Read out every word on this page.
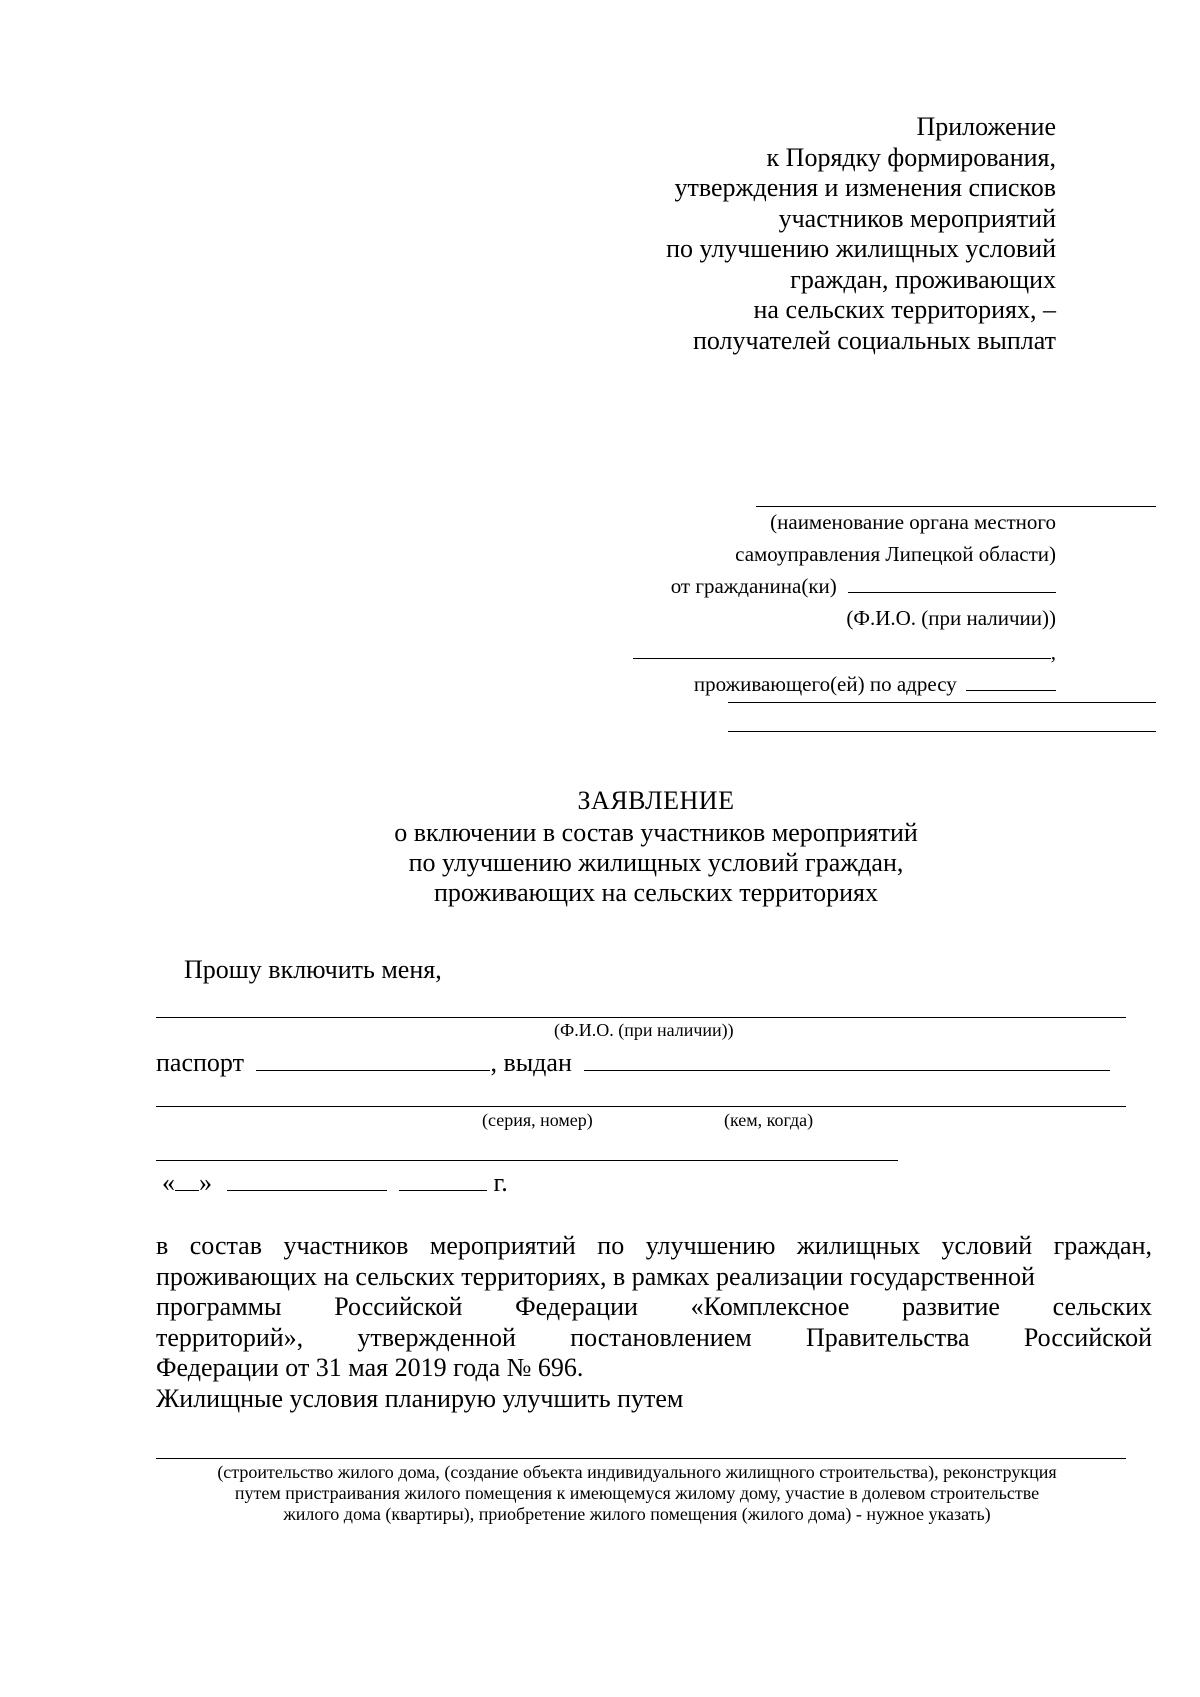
Приложение
к Порядку формирования,
утверждения и изменения списков
участников мероприятий
по улучшению жилищных условий
граждан, проживающих
на сельских территориях, –
получателей социальных выплат
(наименование органа местного
самоуправления Липецкой области)
от гражданина(ки)
(Ф.И.О. (при наличии))
,
проживающего(ей) по адресу
ЗАЯВЛЕНИЕ
о включении в состав участников мероприятий
по улучшению жилищных условий граждан,
проживающих на сельских территориях
Прошу включить меня,
(Ф.И.О. (при наличии))
паспорт	, выдан
(серия, номер)	(кем, когда)
« »	г.
в состав участников мероприятий по улучшению жилищных условий граждан,
проживающих на сельских территориях, в рамках реализации государственной
программы Российской Федерации «Комплексное развитие сельских
территорий», утвержденной постановлением Правительства Российской
Федерации от 31 мая 2019 года № 696.
Жилищные условия планирую улучшить путем
(строительство жилого дома, (создание объекта индивидуального жилищного строительства), реконструкция
путем пристраивания жилого помещения к имеющемуся жилому дому, участие в долевом строительстве
жилого дома (квартиры), приобретение жилого помещения (жилого дома) - нужное указать)
